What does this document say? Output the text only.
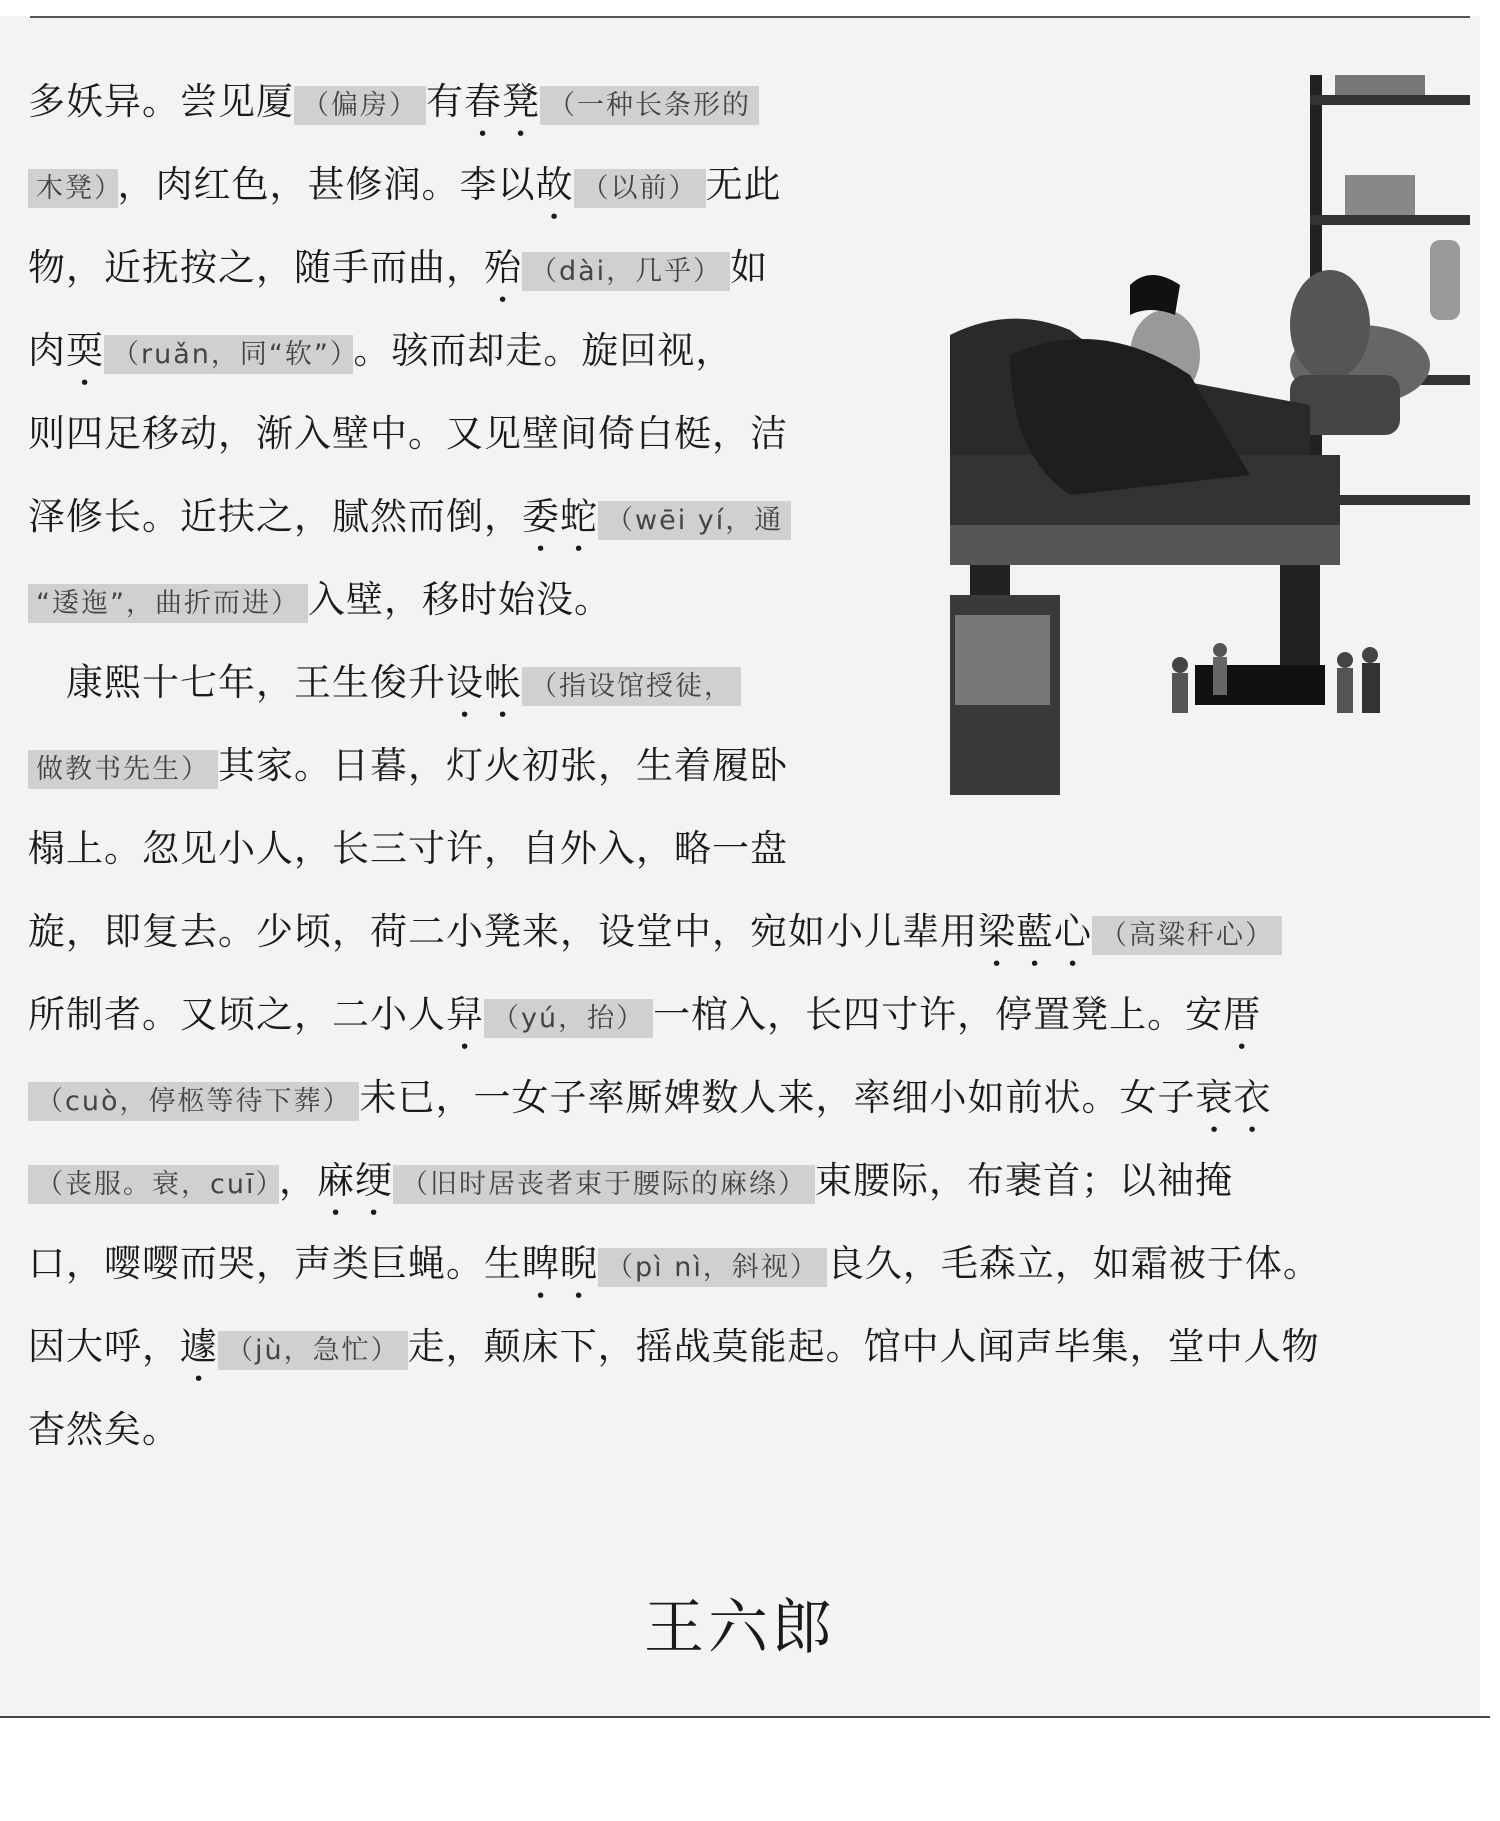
多妖异。尝见厦 （偏房） 有春凳 （一种长条形的
木凳） ，肉红色，甚修润。李以故 （以前） 无此
物，近抚按之，随手而曲，殆 （dài，几乎） 如
肉耎 （ruǎn，同“软”） 。骇而却走。旋回视，
则四足移动，渐入壁中。又见壁间倚白梃，洁
泽修长。近扶之，腻然而倒，委蛇 （wēi yí，通
“逶迤”，曲折而进） 入壁，移时始没。
　康熙十七年，王生俊升设帐 （指设馆授徒，
做教书先生） 其家。日暮，灯火初张，生着履卧
榻上。忽见小人，长三寸许，自外入，略一盘
旋，即复去。少顷，荷二小凳来，设堂中，宛如小儿辈用梁藍心 （高粱秆心）
所制者。又顷之，二小人舁 （yú，抬） 一棺入，长四寸许，停置凳上。安厝
（cuò，停柩等待下葬） 未已，一女子率厮婢数人来，率细小如前状。女子衰衣
（丧服。衰，cuī） ，麻绠 （旧时居丧者束于腰际的麻绦） 束腰际，布裹首；以袖掩
口，嘤嘤而哭，声类巨蝇。生睥睨 （pì nì，斜视） 良久，毛森立，如霜被于体。
因大呼，遽 （jù，急忙） 走，颠床下，摇战莫能起。馆中人闻声毕集，堂中人物
杳然矣。
王六郎
